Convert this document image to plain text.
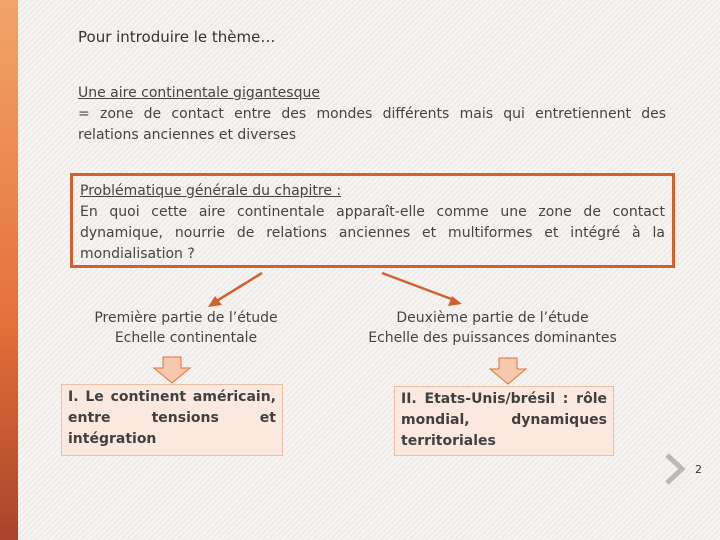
Pour introduire le thème…
Une aire continentale gigantesque
= zone de contact entre des mondes différents mais qui entretiennent des relations anciennes et diverses
Problématique générale du chapitre :
En quoi cette aire continentale apparaît-elle comme une zone de contact dynamique, nourrie de relations anciennes et multiformes et intégré à la mondialisation ?
Première partie de l’étude
Echelle continentale
Deuxième partie de l’étude
Echelle des puissances dominantes
I. Le continent américain, entre tensions et intégration
II. Etats-Unis/brésil : rôle mondial, dynamiques territoriales
2
